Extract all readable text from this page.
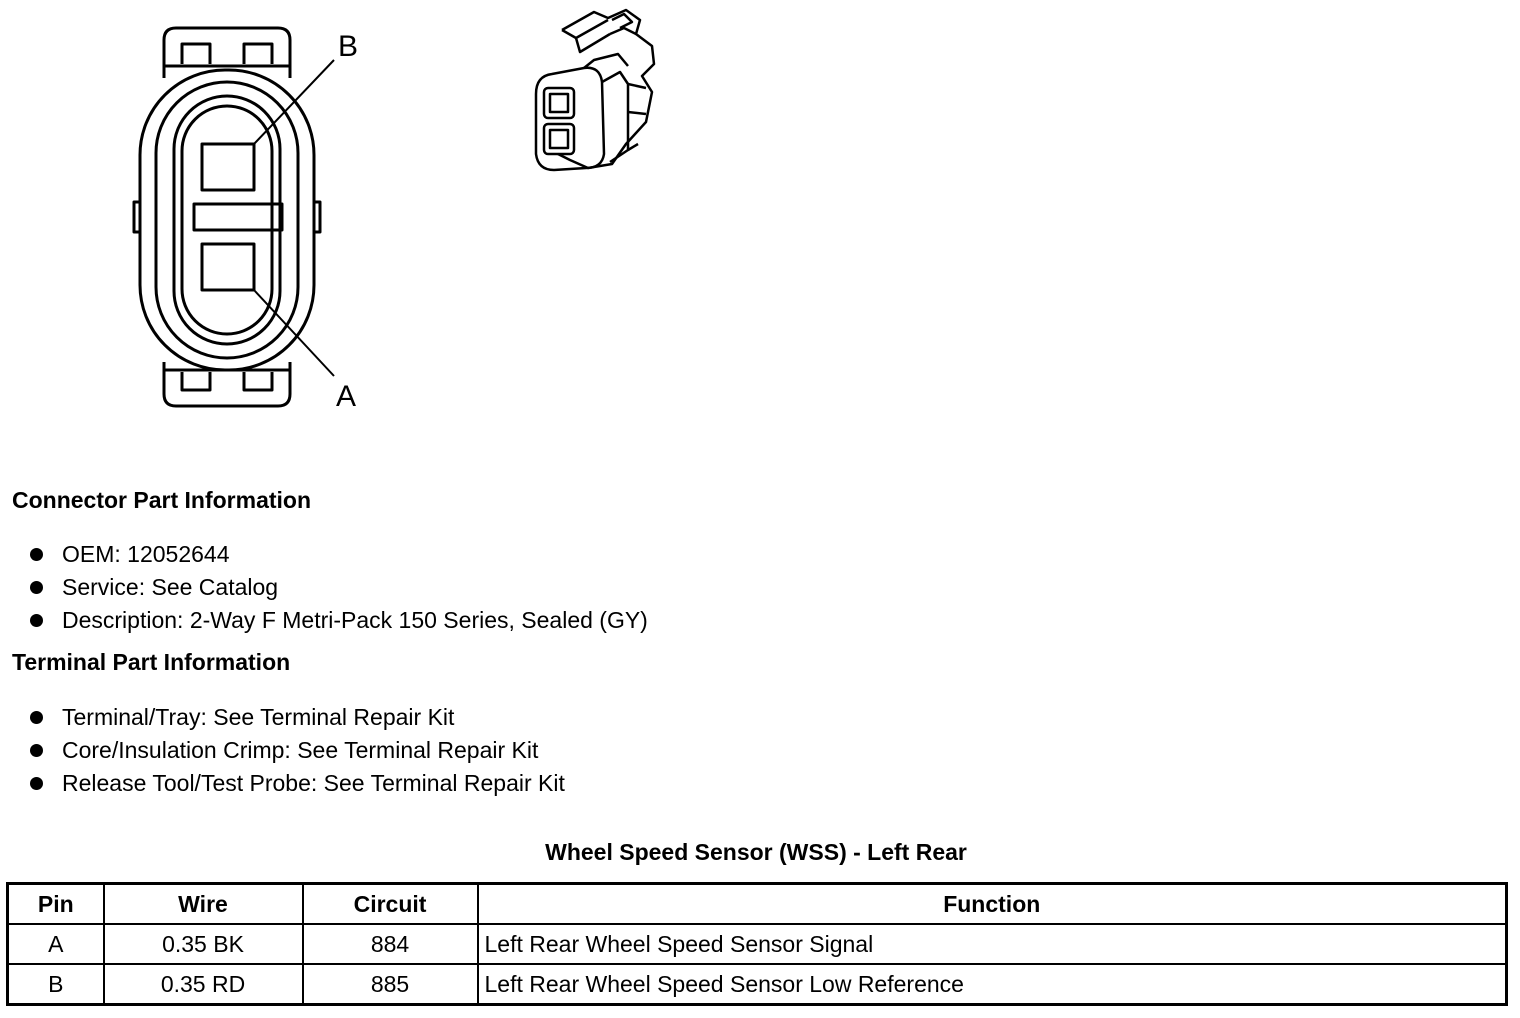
B
A
Connector Part Information
OEM: 12052644
Service: See Catalog
Description: 2-Way F Metri-Pack 150 Series, Sealed (GY)
Terminal Part Information
Terminal/Tray: See Terminal Repair Kit
Core/Insulation Crimp: See Terminal Repair Kit
Release Tool/Test Probe: See Terminal Repair Kit
Wheel Speed Sensor (WSS) - Left Rear
Pin	Wire	Circuit	Function
A	0.35 BK	884	Left Rear Wheel Speed Sensor Signal
B	0.35 RD	885	Left Rear Wheel Speed Sensor Low Reference
